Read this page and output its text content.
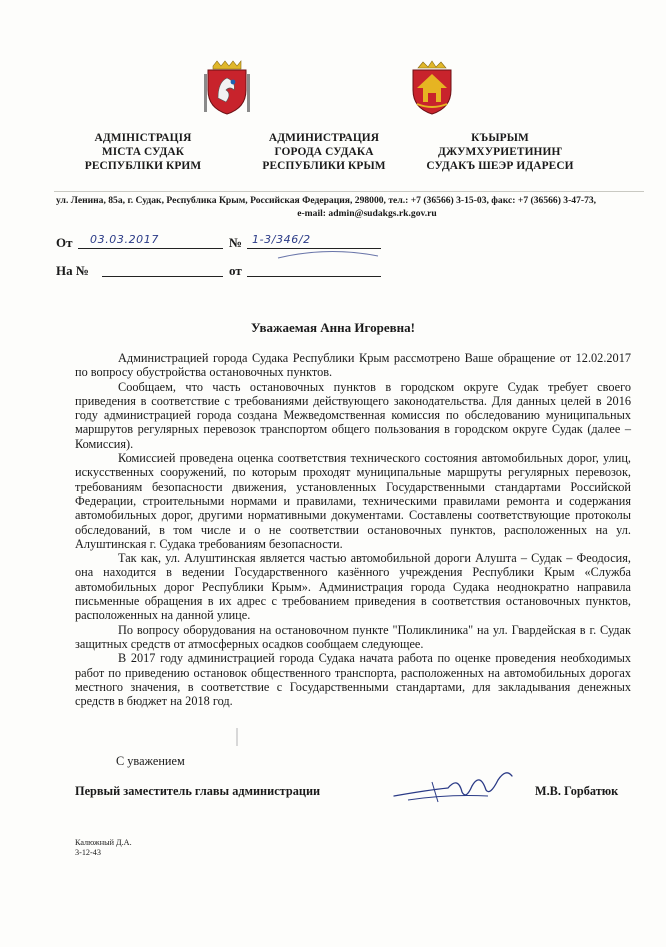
АДМІНІСТРАЦІЯ
МІСТА СУДАК
РЕСПУБЛІКИ КРИМ
АДМИНИСТРАЦИЯ
ГОРОДА СУДАКА
РЕСПУБЛИКИ КРЫМ
КЪЫРЫМ
ДЖУМХУРИЕТИНИҤ
СУДАКЪ ШЕЭР ИДАРЕСИ
ул. Ленина, 85а, г. Судак, Республика Крым, Российская Федерация, 298000, тел.: +7 (36566) 3-15-03, факс: +7 (36566) 3-47-73,
e-mail: admin@sudakgs.rk.gov.ru
От 03.03.2017	№ 1-3/346/2
На №	от
Уважаемая Анна Игоревна!

Администрацией города Судака Республики Крым рассмотрено Ваше обращение от 12.02.2017 по вопросу обустройства остановочных пунктов.

Сообщаем, что часть остановочных пунктов в городском округе Судак требует своего приведения в соответствие с требованиями действующего законодательства. Для данных целей в 2016 году администрацией города создана Межведомственная комиссия по обследованию муниципальных маршрутов регулярных перевозок транспортом общего пользования в городском округе Судак (далее – Комиссия).

Комиссией проведена оценка соответствия технического состояния автомобильных дорог, улиц, искусственных сооружений, по которым проходят муниципальные маршруты регулярных перевозок, требованиям безопасности движения, установленных Государственными стандартами Российской Федерации, строительными нормами и правилами, техническими правилами ремонта и содержания автомобильных дорог, другими нормативными документами. Составлены соответствующие протоколы обследований, в том числе и о не соответствии остановочных пунктов, расположенных на ул. Алуштинская г. Судака требованиям безопасности.

Так как, ул. Алуштинская является частью автомобильной дороги Алушта – Судак – Феодосия, она находится в ведении Государственного казённого учреждения Республики Крым «Служба автомобильных дорог Республики Крым». Администрация города Судака неоднократно направила письменные обращения в их адрес с требованием приведения в соответствия остановочных пунктов, расположенных на данной улице.

По вопросу оборудования на остановочном пункте "Поликлиника" на ул. Гвардейская в г. Судак защитных средств от атмосферных осадков сообщаем следующее.

В 2017 году администрацией города Судака начата работа по оценке проведения необходимых работ по приведению остановок общественного транспорта, расположенных на автомобильных дорогах местного значения, в соответствие с Государственными стандартами, для закладывания денежных средств в бюджет на 2018 год.

С уважением
Первый заместитель главы администрации	М.В. Горбатюк
Калюжный Д.А.
3-12-43
